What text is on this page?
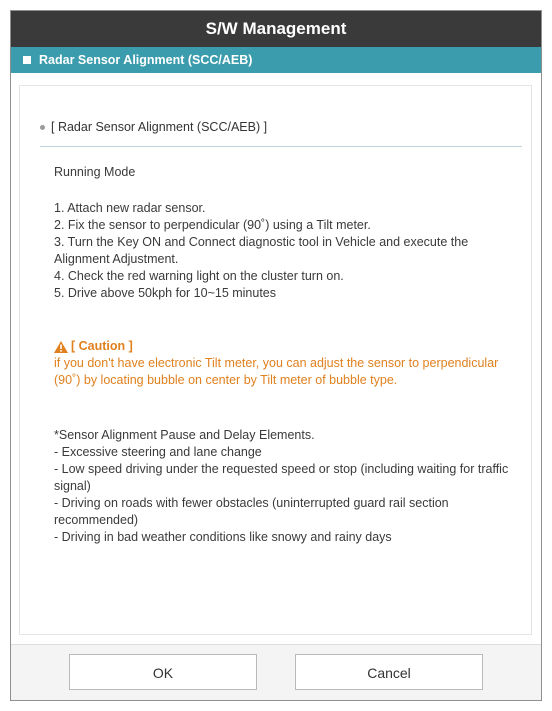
S/W Management
Radar Sensor Alignment (SCC/AEB)
[ Radar Sensor Alignment (SCC/AEB) ]
Running Mode
1. Attach new radar sensor.
2. Fix the sensor to perpendicular (90˚) using a Tilt meter.
3. Turn the Key ON and Connect diagnostic tool in Vehicle and execute the Alignment Adjustment.
4. Check the red warning light on the cluster turn on.
5. Drive above 50kph for 10~15 minutes
[ Caution ]
if you don't have electronic Tilt meter, you can adjust the sensor to perpendicular (90˚) by locating bubble on center by Tilt meter of bubble type.
*Sensor Alignment Pause and Delay Elements.
- Excessive steering and lane change
- Low speed driving under the requested speed or stop (including waiting for traffic signal)
- Driving on roads with fewer obstacles (uninterrupted guard rail section recommended)
- Driving in bad weather conditions like snowy and rainy days
OK	Cancel
